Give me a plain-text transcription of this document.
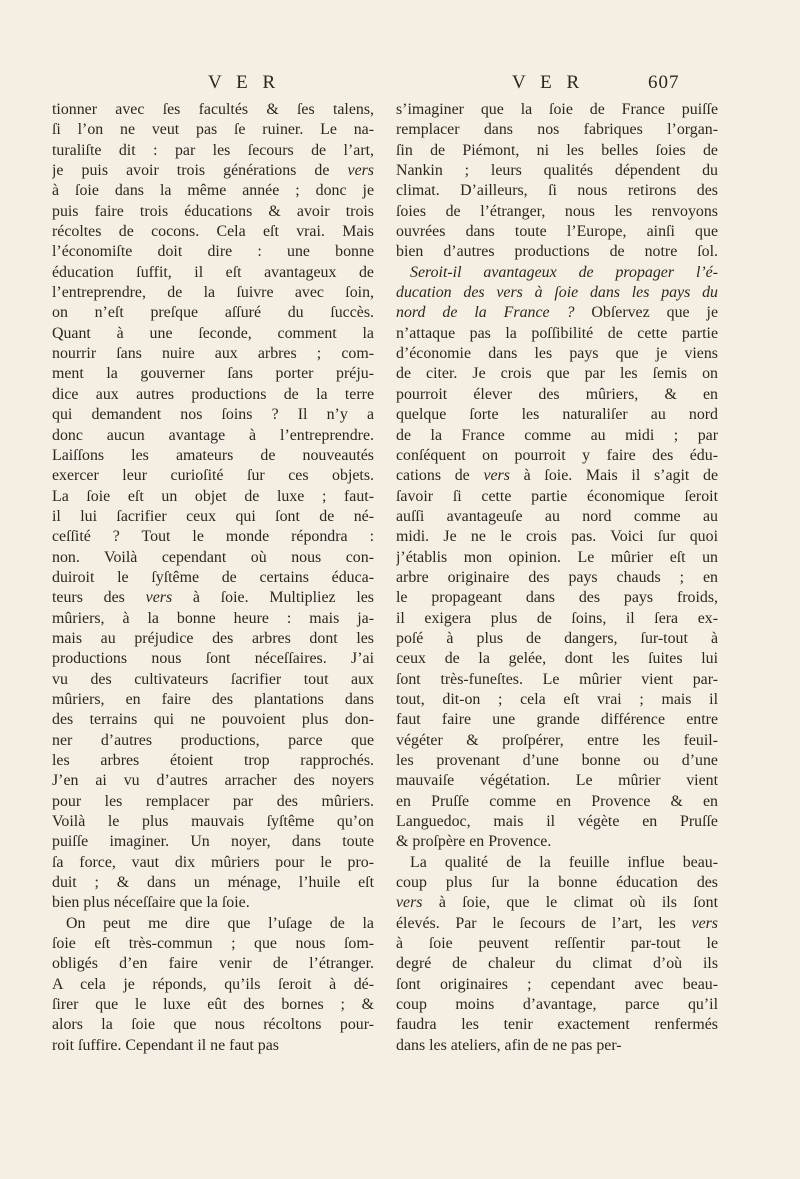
V E R	V E R	607
tionner avec ſes facultés & ſes talens,
ſi l’on ne veut pas ſe ruiner. Le na-
turaliſte dit : par les ſecours de l’art,
je puis avoir trois générations de vers
à ſoie dans la même année ; donc je
puis faire trois éducations & avoir trois
récoltes de cocons. Cela eſt vrai. Mais
l’économiſte doit dire : une bonne
éducation ſuffit, il eſt avantageux de
l’entreprendre, de la ſuivre avec ſoin,
on n’eſt preſque aſſuré du ſuccès.
Quant à une ſeconde, comment la
nourrir ſans nuire aux arbres ; com-
ment la gouverner ſans porter préju-
dice aux autres productions de la terre
qui demandent nos ſoins ? Il n’y a
donc aucun avantage à l’entreprendre.
Laiſſons les amateurs de nouveautés
exercer leur curioſité ſur ces objets.
La ſoie eſt un objet de luxe ; faut-
il lui ſacrifier ceux qui ſont de né-
ceſſité ? Tout le monde répondra :
non. Voilà cependant où nous con-
duiroit le ſyſtême de certains éduca-
teurs des vers à ſoie. Multipliez les
mûriers, à la bonne heure : mais ja-
mais au préjudice des arbres dont les
productions nous ſont néceſſaires. J’ai
vu des cultivateurs ſacrifier tout aux
mûriers, en faire des plantations dans
des terrains qui ne pouvoient plus don-
ner d’autres productions, parce que
les arbres étoient trop rapprochés.
J’en ai vu d’autres arracher des noyers
pour les remplacer par des mûriers.
Voilà le plus mauvais ſyſtême qu’on
puiſſe imaginer. Un noyer, dans toute
ſa force, vaut dix mûriers pour le pro-
duit ; & dans un ménage, l’huile eſt
bien plus néceſſaire que la ſoie.
On peut me dire que l’uſage de la
ſoie eſt très-commun ; que nous ſom-
obligés d’en faire venir de l’étranger.
A cela je réponds, qu’ils ſeroit à dé-
ſirer que le luxe eût des bornes ; &
alors la ſoie que nous récoltons pour-
roit ſuffire. Cependant il ne faut pas
s’imaginer que la ſoie de France puiſſe
remplacer dans nos fabriques l’organ-
ſin de Piémont, ni les belles ſoies de
Nankin ; leurs qualités dépendent du
climat. D’ailleurs, ſi nous retirons des
ſoies de l’étranger, nous les renvoyons
ouvrées dans toute l’Europe, ainſi que
bien d’autres productions de notre ſol.
Seroit-il avantageux de propager l’é-
ducation des vers à ſoie dans les pays du
nord de la France ? Obſervez que je
n’attaque pas la poſſibilité de cette partie
d’économie dans les pays que je viens
de citer. Je crois que par les ſemis on
pourroit élever des mûriers, & en
quelque ſorte les naturaliſer au nord
de la France comme au midi ; par
conſéquent on pourroit y faire des édu-
cations de vers à ſoie. Mais il s’agit de
ſavoir ſi cette partie économique ſeroit
auſſi avantageuſe au nord comme au
midi. Je ne le crois pas. Voici ſur quoi
j’établis mon opinion. Le mûrier eſt un
arbre originaire des pays chauds ; en
le propageant dans des pays froids,
il exigera plus de ſoins, il ſera ex-
poſé à plus de dangers, ſur-tout à
ceux de la gelée, dont les ſuites lui
ſont très-funeſtes. Le mûrier vient par-
tout, dit-on ; cela eſt vrai ; mais il
faut faire une grande différence entre
végéter & proſpérer, entre les feuil-
les provenant d’une bonne ou d’une
mauvaiſe végétation. Le mûrier vient
en Pruſſe comme en Provence & en
Languedoc, mais il végète en Pruſſe
& proſpère en Provence.
La qualité de la feuille influe beau-
coup plus ſur la bonne éducation des
vers à ſoie, que le climat où ils ſont
élevés. Par le ſecours de l’art, les vers
à ſoie peuvent reſſentir par-tout le
degré de chaleur du climat d’où ils
ſont originaires ; cependant avec beau-
coup moins d’avantage, parce qu’il
faudra les tenir exactement renfermés
dans les ateliers, afin de ne pas per-
